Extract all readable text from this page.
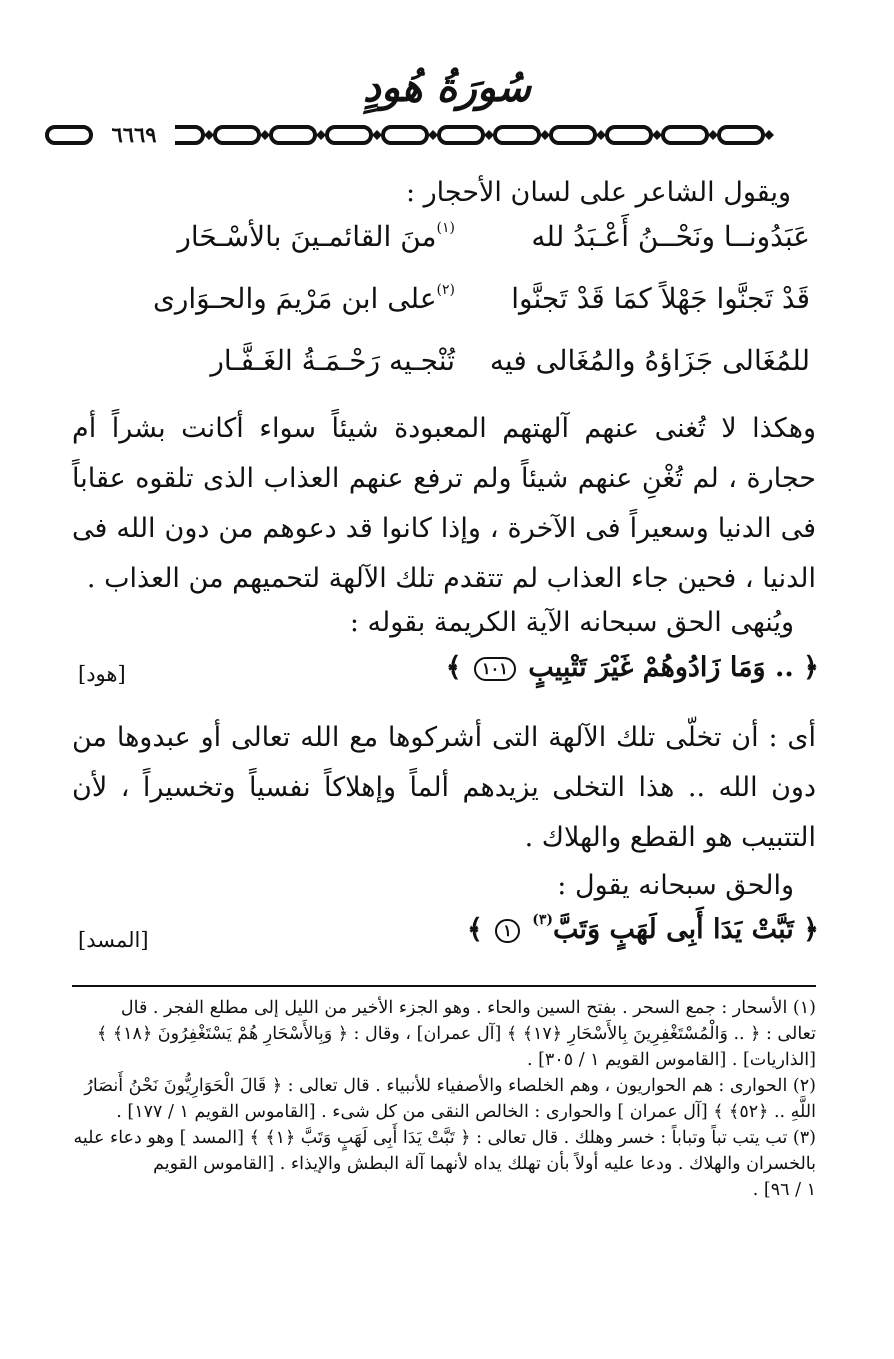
سُورَةُ هُودٍ
٦٦٦٩
ويقول الشاعر على لسان الأحجار :
عَبَدُونــا ونَحْــنُ أَعْـبَدُ لله
$^{(١)}$منَ القائمـينَ بالأسْـحَار
قَدْ تَجنَّوا جَهْلاً كمَا قَدْ تَجنَّوا
$^{(٢)}$على ابن مَرْيمَ والحـوَارى
للمُغَالى جَزَاؤهُ والمُغَالى فيه
تُنْجـيه رَحْـمَـةُ الغَـفَّـار
وهكذا لا تُغنى عنهم آلهتهم المعبودة شيئاً سواء أكانت بشراً أم حجارة ، لم تُغْنِ عنهم شيئاً ولم ترفع عنهم العذاب الذى تلقوه عقاباً فى الدنيا وسعيراً فى الآخرة ، وإذا كانوا قد دعوهم من دون الله فى الدنيا ، فحين جاء العذاب لم تتقدم تلك الآلهة لتحميهم من العذاب .
ويُنهى الحق سبحانه الآية الكريمة بقوله :
﴿ .. وَمَا زَادُوهُمْ غَيْرَ تَتْبِيبٍ ١٠١ ﴾
[هود]
أى : أن تخلّى تلك الآلهة التى أشركوها مع الله تعالى أو عبدوها من دون الله .. هذا التخلى يزيدهم ألماً وإهلاكاً نفسياً وتخسيراً ، لأن التتبيب هو القطع والهلاك .
والحق سبحانه يقول :
﴿ تَبَّتْ يَدَا أَبِى لَهَبٍ وَتَبَّ$^{(٣)}$ ١ ﴾
[المسد]
(١) الأسحار : جمع السحر . بفتح السين والحاء . وهو الجزء الأخير من الليل إلى مطلع الفجر . قال
تعالى : ﴿ .. وَالْمُسْتَغْفِرِينَ بِالأَسْحَارِ ﴿١٧﴾ ﴾ [آل عمران] ، وقال : ﴿ وَبِالأَسْحَارِ هُمْ يَسْتَغْفِرُونَ ﴿١٨﴾ ﴾
[الذاريات] . [القاموس القويم ١ / ٣٠٥] .
(٢) الحوارى : هم الحواريون ، وهم الخلصاء والأصفياء للأنبياء . قال تعالى : ﴿ قَالَ الْحَوَارِيُّونَ نَحْنُ أَنصَارُ
اللَّهِ .. ﴿٥٢﴾ ﴾ [آل عمران ] والحوارى : الخالص النقى من كل شىء . [القاموس القويم ١ / ١٧٧] .
(٣) تب يتب تباً وتباباً : خسر وهلك . قال تعالى : ﴿ تَبَّتْ يَدَا أَبِى لَهَبٍ وَتَبَّ ﴿١﴾ ﴾ [المسد ] وهو دعاء عليه
بالخسران والهلاك . ودعا عليه أولاً بأن تهلك يداه لأنهما آلة البطش والإيذاء . [القاموس القويم
١ / ٩٦] .
